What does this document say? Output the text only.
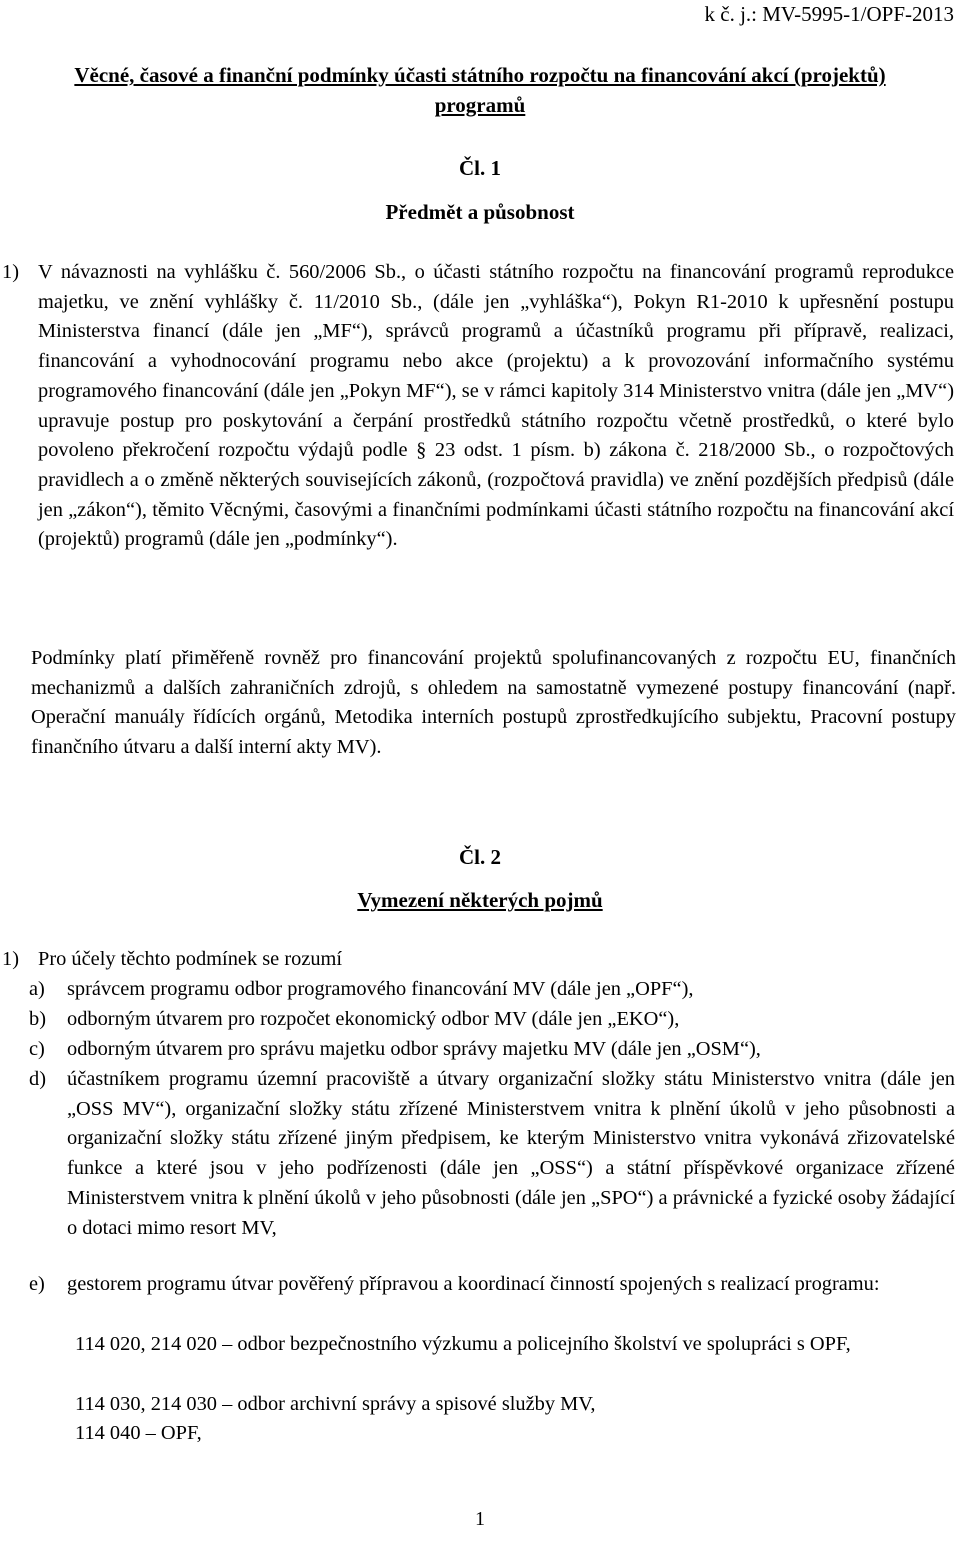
k č. j.: MV-5995-1/OPF-2013
Věcné, časové a finanční podmínky účasti státního rozpočtu na financování akcí (projektů) programů
Čl. 1
Předmět a působnost
1) V návaznosti na vyhlášku č. 560/2006 Sb., o účasti státního rozpočtu na financování programů reprodukce majetku, ve znění vyhlášky č. 11/2010 Sb., (dále jen „vyhláška“), Pokyn R1-2010 k upřesnění postupu Ministerstva financí (dále jen „MF“), správců programů a účastníků programu při přípravě, realizaci, financování a vyhodnocování programu nebo akce (projektu) a k provozování informačního systému programového financování (dále jen „Pokyn MF“), se v rámci kapitoly 314 Ministerstvo vnitra (dále jen „MV“) upravuje postup pro poskytování a čerpání prostředků státního rozpočtu včetně prostředků, o které bylo povoleno překročení rozpočtu výdajů podle § 23 odst. 1 písm. b) zákona č. 218/2000 Sb., o rozpočtových pravidlech a o změně některých souvisejících zákonů, (rozpočtová pravidla) ve znění pozdějších předpisů (dále jen „zákon“), těmito Věcnými, časovými a finančními podmínkami účasti státního rozpočtu na financování akcí (projektů) programů (dále jen „podmínky“).
Podmínky platí přiměřeně rovněž pro financování projektů spolufinancovaných z rozpočtu EU, finančních mechanizmů a dalších zahraničních zdrojů, s ohledem na samostatně vymezené postupy financování (např. Operační manuály řídících orgánů, Metodika interních postupů zprostředkujícího subjektu, Pracovní postupy finančního útvaru a další interní akty MV).
Čl. 2
Vymezení některých pojmů
1) Pro účely těchto podmínek se rozumí
a) správcem programu odbor programového financování MV (dále jen „OPF“),
b) odborným útvarem pro rozpočet ekonomický odbor MV (dále jen „EKO“),
c) odborným útvarem pro správu majetku odbor správy majetku MV (dále jen „OSM“),
d) účastníkem programu územní pracoviště a útvary organizační složky státu Ministerstvo vnitra (dále jen „OSS MV“), organizační složky státu zřízené Ministerstvem vnitra k plnění úkolů v jeho působnosti a organizační složky státu zřízené jiným předpisem, ke kterým Ministerstvo vnitra vykonává zřizovatelské funkce a které jsou v jeho podřízenosti (dále jen „OSS“) a státní příspěvkové organizace zřízené Ministerstvem vnitra k plnění úkolů v jeho působnosti (dále jen „SPO“) a právnické a fyzické osoby žádající o dotaci mimo resort MV,
e) gestorem programu útvar pověřený přípravou a koordinací činností spojených s realizací programu:
114 020, 214 020 – odbor bezpečnostního výzkumu a policejního školství ve spolupráci s OPF,
114 030, 214 030 – odbor archivní správy a spisové služby MV,
114 040 – OPF,
1
